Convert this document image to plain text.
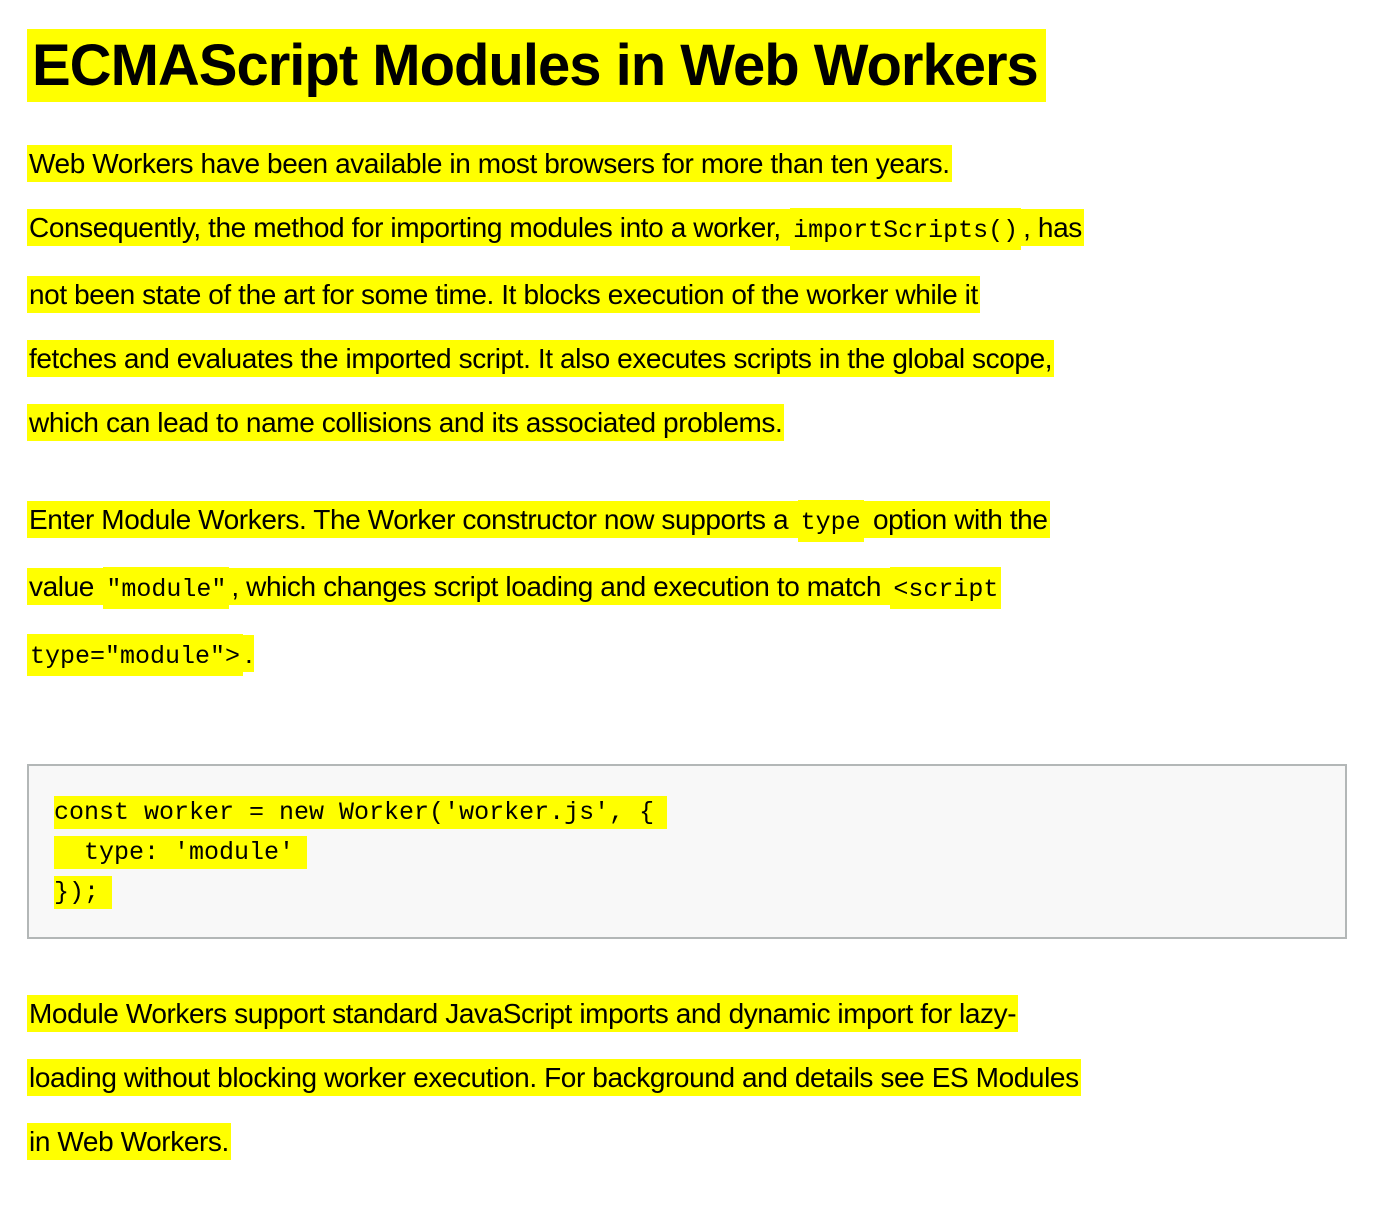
ECMAScript Modules in Web Workers

Web Workers have been available in most browsers for more than ten years.
Consequently, the method for importing modules into a worker, importScripts() , has
not been state of the art for some time. It blocks execution of the worker while it
fetches and evaluates the imported script. It also executes scripts in the global scope,
which can lead to name collisions and its associated problems.

Enter Module Workers. The Worker constructor now supports a type option with the
value "module" , which changes script loading and execution to match <script
type="module"> .

const worker = new Worker('worker.js', {
type: 'module'
});

Module Workers support standard JavaScript imports and dynamic import for lazy-
loading without blocking worker execution. For background and details see ES Modules
in Web Workers.
